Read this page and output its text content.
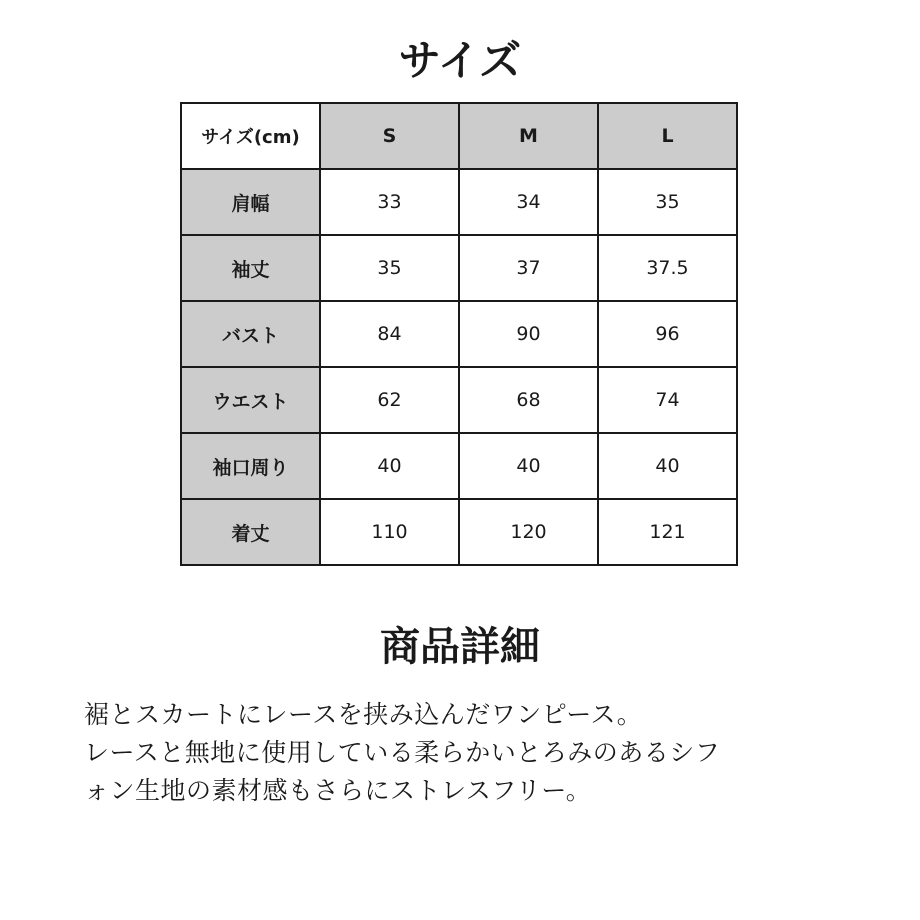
サイズ
サイズ(cm)	S	M	L
肩幅	33	34	35
袖丈	35	37	37.5
バスト	84	90	96
ウエスト	62	68	74
袖口周り	40	40	40
着丈	110	120	121
商品詳細

裾とスカートにレースを挟み込んだワンピース。
レースと無地に使用している柔らかいとろみのあるシフ
ォン生地の素材感もさらにストレスフリー。
